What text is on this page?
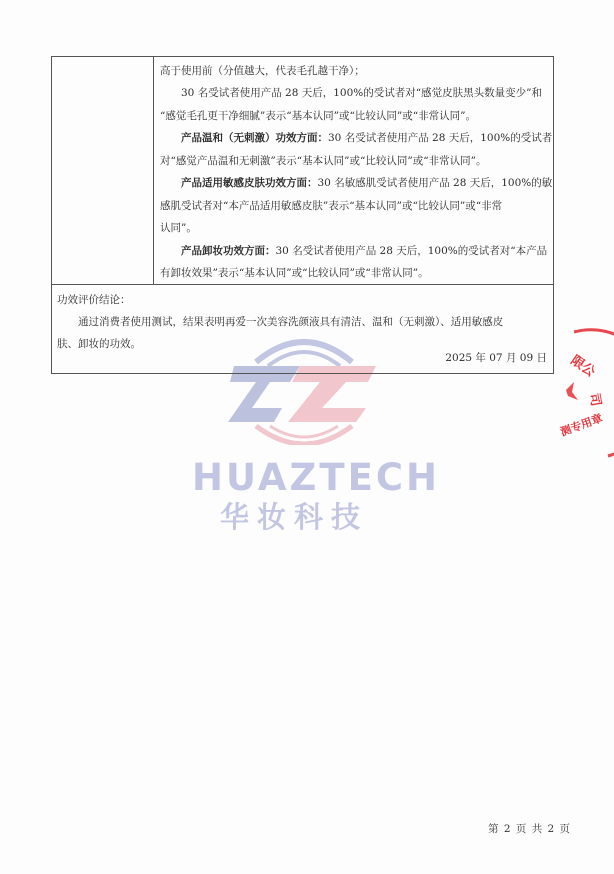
HUAZTECH
华妆科技
高于使用前（分值越大，代表毛孔越干净）；
30 名受试者使用产品 28 天后，100%的受试者对“感觉皮肤黑头数量变少”和
“感觉毛孔更干净细腻”表示“基本认同”或“比较认同”或“非常认同”。
产品温和（无刺激）功效方面：30 名受试者使用产品 28 天后，100%的受试者
对“感觉产品温和无刺激”表示“基本认同”或“比较认同”或“非常认同”。
产品适用敏感皮肤功效方面：30 名敏感肌受试者使用产品 28 天后，100%的敏
感肌受试者对“本产品适用敏感皮肤”表示“基本认同”或“比较认同”或“非常
认同”。
产品卸妆功效方面：30 名受试者使用产品 28 天后，100%的受试者对“本产品
有卸妆效果”表示“基本认同”或“比较认同”或“非常认同”。
功效评价结论：
通过消费者使用测试，结果表明再爱一次美容洗颜液具有清洁、温和（无刺激）、适用敏感皮
肤、卸妆的功效。
2025 年 07 月 09 日 限公
司
测专用章
第 2 页 共 2 页
